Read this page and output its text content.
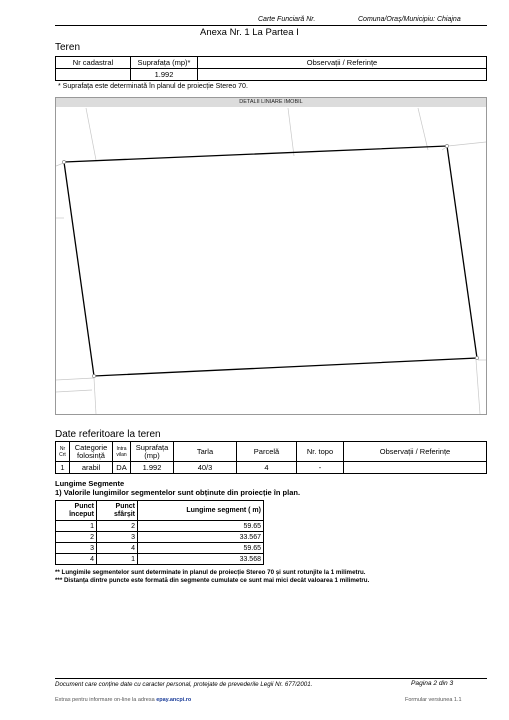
Carte Funciară Nr.	Comuna/Oraș/Municipiu: Chiajna
Anexa Nr. 1 La Partea I
Teren
Nr cadastral	Suprafața (mp)*	Observații / Referințe
	1.992	
* Suprafața este determinată în planul de proiecție Stereo 70.
DETALII LINIARE IMOBIL
Date referitoare la teren
Nr Crt	Categorie folosință	Intra vilan	Suprafața (mp)	Tarla	Parcelă	Nr. topo	Observații / Referințe
1	arabil	DA	1.992	40/3	4	-	
Lungime Segmente
1) Valorile lungimilor segmentelor sunt obținute din proiecție în plan.
Punct început	Punct sfârșit	Lungime segment ( m)
1	2	59.65
2	3	33.567
3	4	59.65
4	1	33.568
** Lungimile segmentelor sunt determinate în planul de proiecție Stereo 70 și sunt rotunjite la 1 milimetru.
*** Distanța dintre puncte este formată din segmente cumulate ce sunt mai mici decât valoarea 1 milimetru.
Document care conține date cu caracter personal, protejate de prevederile Legii Nr. 677/2001.	Pagina 2 din 3
Extras pentru informare on-line la adresa epay.ancpi.ro	Formular versiunea 1.1
